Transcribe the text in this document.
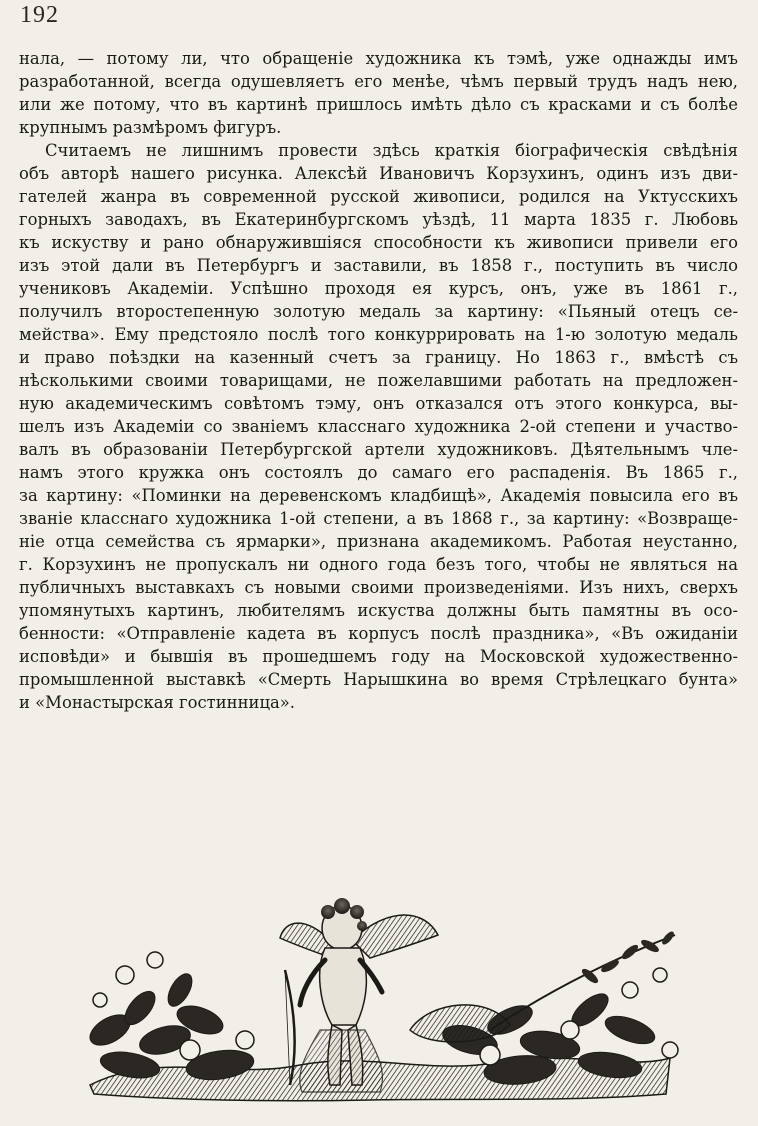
192
нала, — потому ли, что обращенiе художника къ тэмѣ, уже однажды имъ
разработанной, всегда одушевляетъ его менѣе, чѣмъ первый трудъ надъ нею,
или же потому, что въ картинѣ пришлось имѣть дѣло съ красками и съ болѣе
крупнымъ размѣромъ фигуръ.
Считаемъ не лишнимъ провести здѣсь краткiя бiографическiя свѣдѣнiя
объ авторѣ нашего рисунка. Алексѣй Ивановичъ Корзухинъ, одинъ изъ дви-
гателей жанра въ современной русской живописи, родился на Уктусскихъ
горныхъ заводахъ, въ Екатеринбургскомъ уѣздѣ, 11 марта 1835 г. Любовь
къ искуству и рано обнаружившiяся способности къ живописи привели его
изъ этой дали въ Петербургъ и заставили, въ 1858 г., поступить въ число
учениковъ Академiи. Успѣшно проходя ея курсъ, онъ, уже въ 1861 г.,
получилъ второстепенную золотую медаль за картину: «Пьяный отецъ се-
мейства». Ему предстояло послѣ того конкуррировать на 1-ю золотую медаль
и право поѣздки на казенный счетъ за границу. Но 1863 г., вмѣстѣ съ
нѣсколькими своими товарищами, не пожелавшими работать на предложен-
ную академическимъ совѣтомъ тэму, онъ отказался отъ этого конкурса, вы-
шелъ изъ Академiи со званiемъ класснаго художника 2-ой степени и участво-
валъ въ образованiи Петербургской артели художниковъ. Дѣятельнымъ чле-
намъ этого кружка онъ состоялъ до самаго его распаденiя. Въ 1865 г.,
за картину: «Поминки на деревенскомъ кладбищѣ», Академiя повысила его въ
званiе класснаго художника 1-ой степени, а въ 1868 г., за картину: «Возвраще-
нiе отца семейства съ ярмарки», признана академикомъ. Работая неустанно,
г. Корзухинъ не пропускалъ ни одного года безъ того, чтобы не являться на
публичныхъ выставкахъ съ новыми своими произведенiями. Изъ нихъ, сверхъ
упомянутыхъ картинъ, любителямъ искуства должны быть памятны въ осо-
бенности: «Отправленiе кадета въ корпусъ послѣ праздника», «Въ ожиданiи
исповѣди» и бывшiя въ прошедшемъ году на Московской художественно-
промышленной выставкѣ «Смерть Нарышкина во время Стрѣлецкаго бунта»
и «Монастырская гостинница».
